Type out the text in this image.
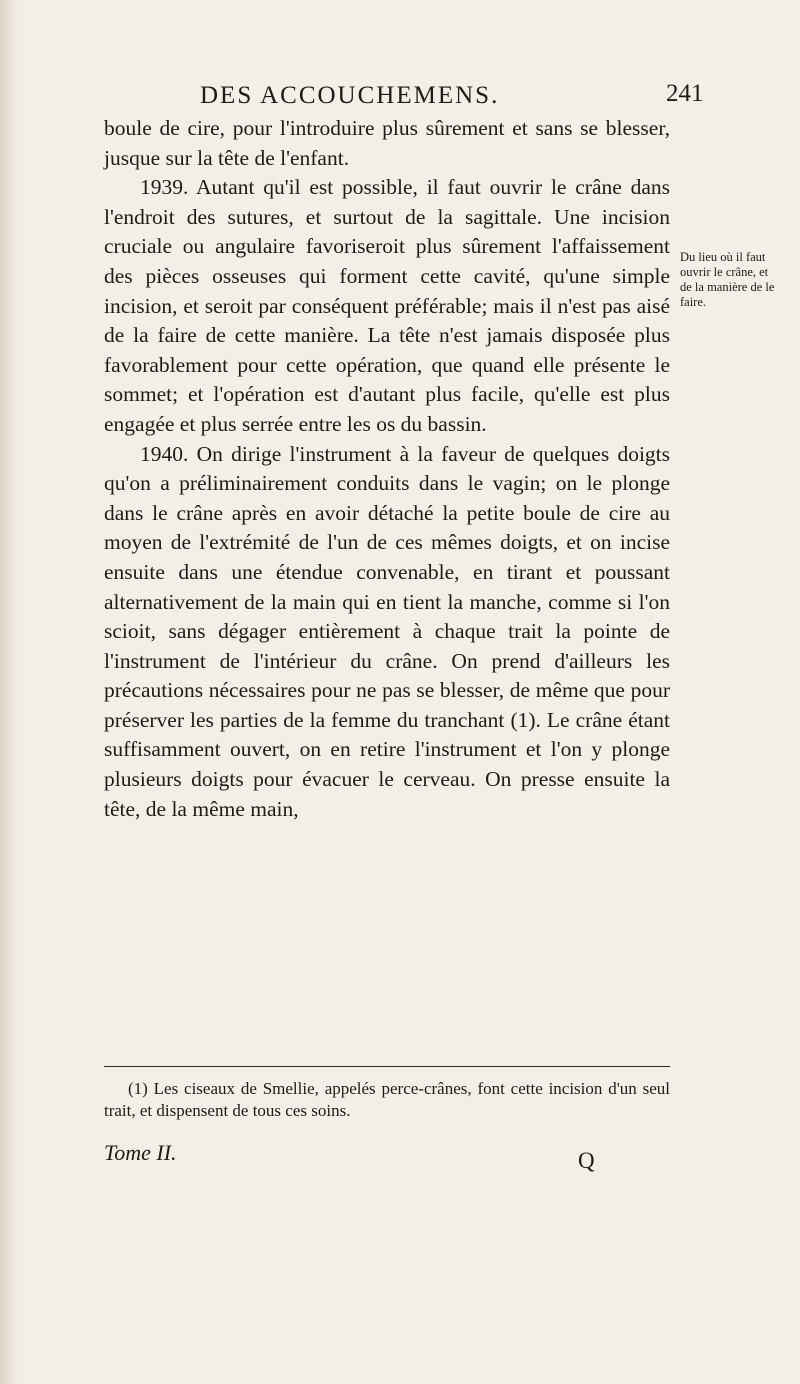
DES ACCOUCHEMENS.	241

boule de cire, pour l'introduire plus sûrement et sans se blesser, jusque sur la tête de l'enfant.

1939. Autant qu'il est possible, il faut ouvrir le crâne dans l'endroit des sutures, et surtout de la sagittale. Une incision cruciale ou angulaire favoriseroit plus sûrement l'affaissement des pièces osseuses qui forment cette cavité, qu'une simple incision, et seroit par conséquent préférable; mais il n'est pas aisé de la faire de cette manière. La tête n'est jamais disposée plus favorablement pour cette opération, que quand elle présente le sommet; et l'opération est d'autant plus facile, qu'elle est plus engagée et plus serrée entre les os du bassin.

1940. On dirige l'instrument à la faveur de quelques doigts qu'on a préliminairement conduits dans le vagin; on le plonge dans le crâne après en avoir détaché la petite boule de cire au moyen de l'extrémité de l'un de ces mêmes doigts, et on incise ensuite dans une étendue convenable, en tirant et poussant alternativement de la main qui en tient la manche, comme si l'on scioit, sans dégager entièrement à chaque trait la pointe de l'instrument de l'intérieur du crâne. On prend d'ailleurs les précautions nécessaires pour ne pas se blesser, de même que pour préserver les parties de la femme du tranchant (1). Le crâne étant suffisamment ouvert, on en retire l'instrument et l'on y plonge plusieurs doigts pour évacuer le cerveau. On presse ensuite la tête, de la même main,

Du lieu où il faut ouvrir le crâne, et de la manière de le faire.
(1) Les ciseaux de Smellie, appelés perce-crânes, font cette incision d'un seul trait, et dispensent de tous ces soins.
Tome II.	Q
